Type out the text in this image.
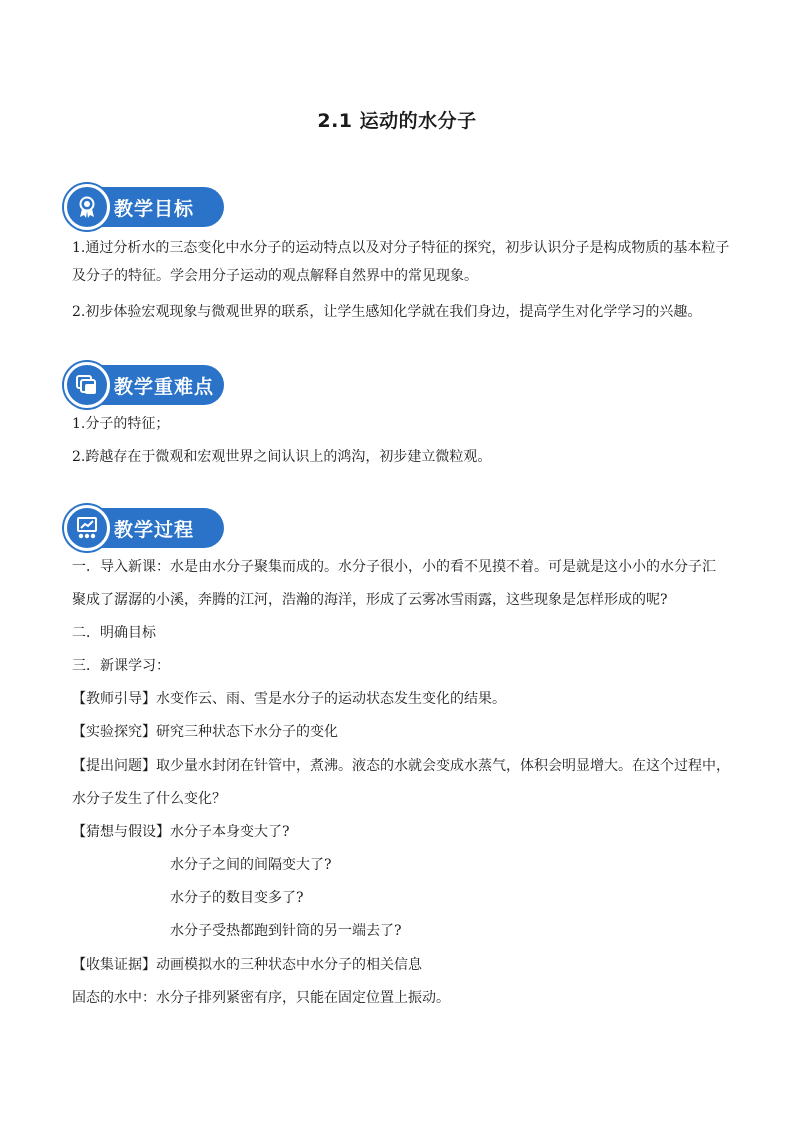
2.1 运动的水分子
教学目标
1.通过分析水的三态变化中水分子的运动特点以及对分子特征的探究，初步认识分子是构成物质的基本粒子及分子的特征。学会用分子运动的观点解释自然界中的常见现象。
2.初步体验宏观现象与微观世界的联系，让学生感知化学就在我们身边，提高学生对化学学习的兴趣。
教学重难点
1.分子的特征；
2.跨越存在于微观和宏观世界之间认识上的鸿沟，初步建立微粒观。
教学过程
一．导入新课：水是由水分子聚集而成的。水分子很小，小的看不见摸不着。可是就是这小小的水分子汇
聚成了潺潺的小溪，奔腾的江河，浩瀚的海洋，形成了云雾冰雪雨露，这些现象是怎样形成的呢?
二．明确目标
三．新课学习：
【教师引导】水变作云、雨、雪是水分子的运动状态发生变化的结果。
【实验探究】研究三种状态下水分子的变化
【提出问题】取少量水封闭在针管中，煮沸。液态的水就会变成水蒸气，体积会明显增大。在这个过程中，
水分子发生了什么变化？
【猜想与假设】水分子本身变大了?
水分子之间的间隔变大了?
水分子的数目变多了?
水分子受热都跑到针筒的另一端去了?
【收集证据】动画模拟水的三种状态中水分子的相关信息
固态的水中：水分子排列紧密有序，只能在固定位置上振动。
